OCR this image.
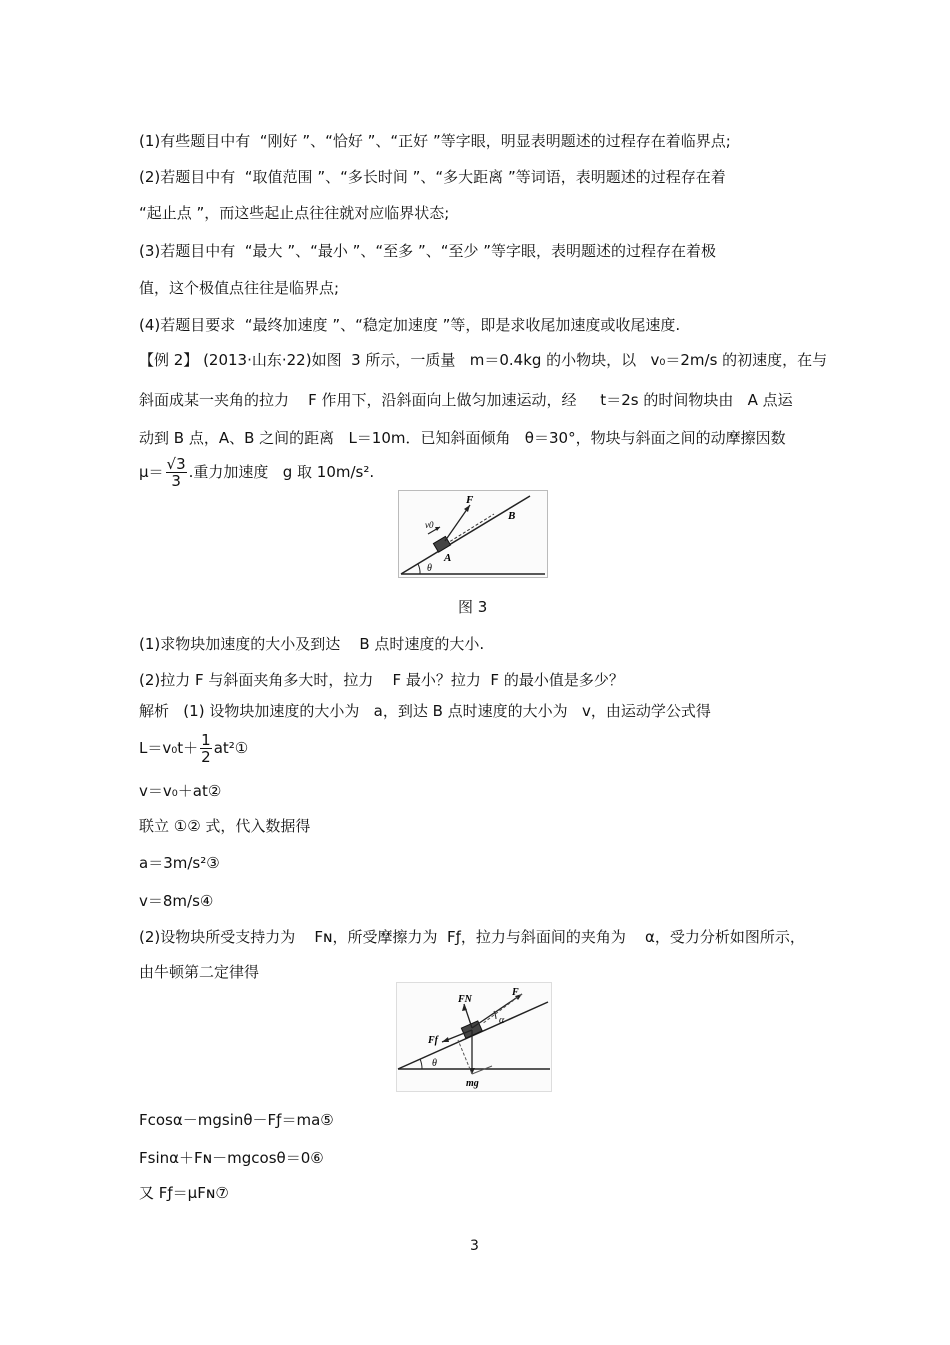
(1)有些题目中有  “刚好 ”、“恰好 ”、“正好 ”等字眼，明显表明题述的过程存在着临界点;
(2)若题目中有  “取值范围 ”、“多长时间 ”、“多大距离 ”等词语，表明题述的过程存在着
“起止点 ”，而这些起止点往往就对应临界状态;
(3)若题目中有  “最大 ”、“最小 ”、“至多 ”、“至少 ”等字眼，表明题述的过程存在着极
值，这个极值点往往是临界点;
(4)若题目要求  “最终加速度 ”、“稳定加速度 ”等，即是求收尾加速度或收尾速度.
【例 2】 (2013·山东·22)如图  3 所示，一质量   m＝0.4kg 的小物块，以   v₀＝2m/s 的初速度，在与
斜面成某一夹角的拉力    F 作用下，沿斜面向上做匀加速运动，经     t＝2s 的时间物块由   A 点运
动到 B 点，A、B 之间的距离   L＝10m．已知斜面倾角   θ＝30°，物块与斜面之间的动摩擦因数
$\mu= \frac{√3}{3}$ .重力加速度   g 取 10m/s².
F
B
v0
A
θ
图 3
(1)求物块加速度的大小及到达    B 点时速度的大小.
(2)拉力 F 与斜面夹角多大时，拉力    F 最小？拉力  F 的最小值是多少？
解析   (1) 设物块加速度的大小为   a，到达 B 点时速度的大小为   v，由运动学公式得
$L=v_0t+ \frac{1}{2}$ at²①
v＝v₀＋at②
联立 ①② 式，代入数据得
a＝3m/s²③
v＝8m/s④
(2)设物块所受支持力为    Fɴ，所受摩擦力为  Fƒ，拉力与斜面间的夹角为    α，受力分析如图所示，
由牛顿第二定律得
FN
F
α
Ff
θ
mg
Fcosα－mgsinθ－Fƒ＝ma⑤
Fsinα＋Fɴ－mgcosθ＝0⑥
又 Fƒ＝μFɴ⑦
3
